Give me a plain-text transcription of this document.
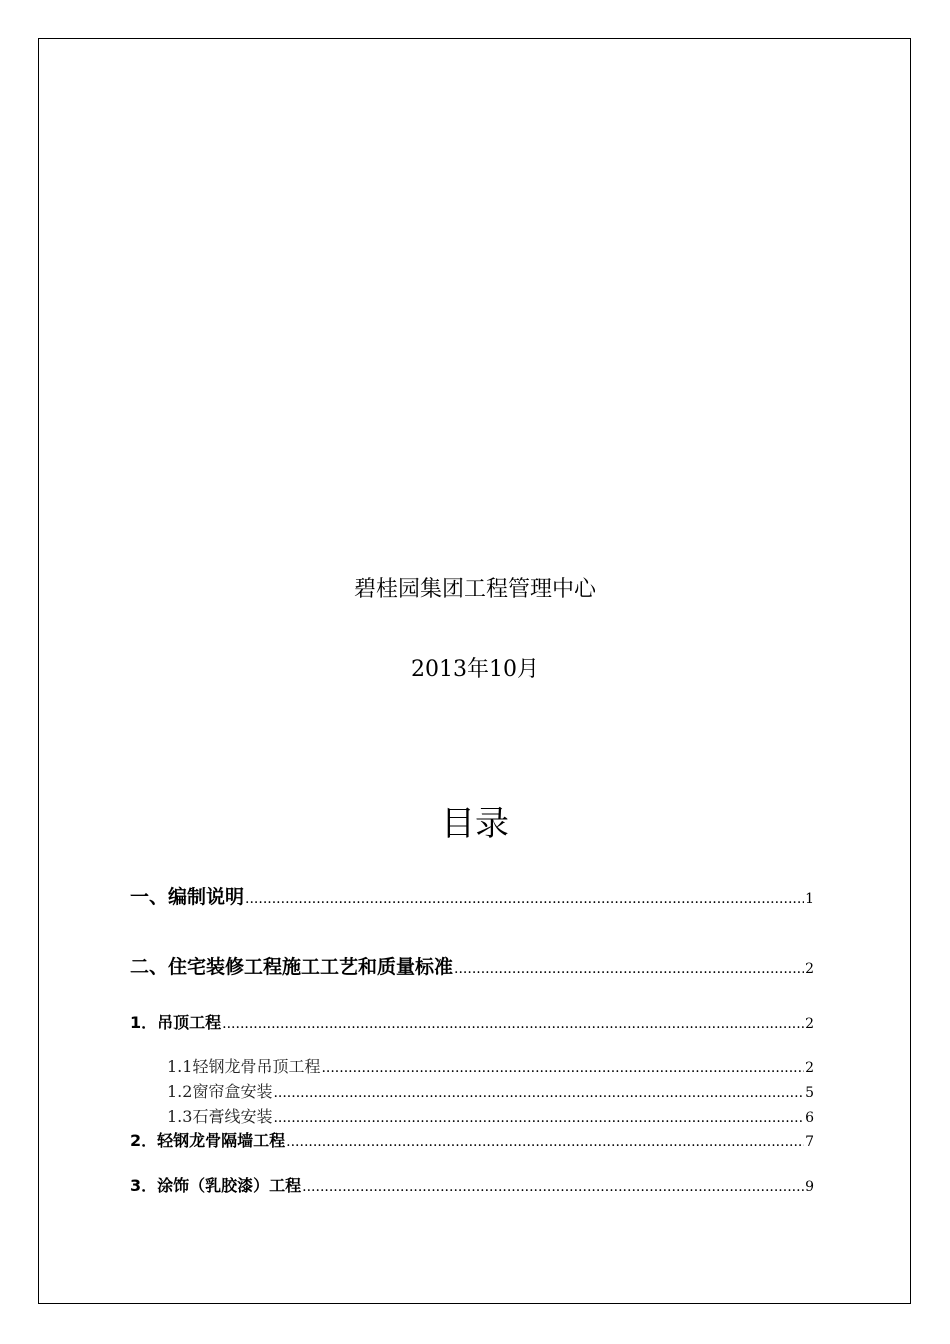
碧桂园集团工程管理中心
2013年10月
目录
一、编制说明 .....	1
二、住宅装修工程施工工艺和质量标准 .....	2
1．吊顶工程 .....	2
1.1轻钢龙骨吊顶工程 .....	2
1.2窗帘盒安装 .....	5
1.3石膏线安装 .....	6
2．轻钢龙骨隔墙工程 .....	7
3．涂饰（乳胶漆）工程 .....	9
